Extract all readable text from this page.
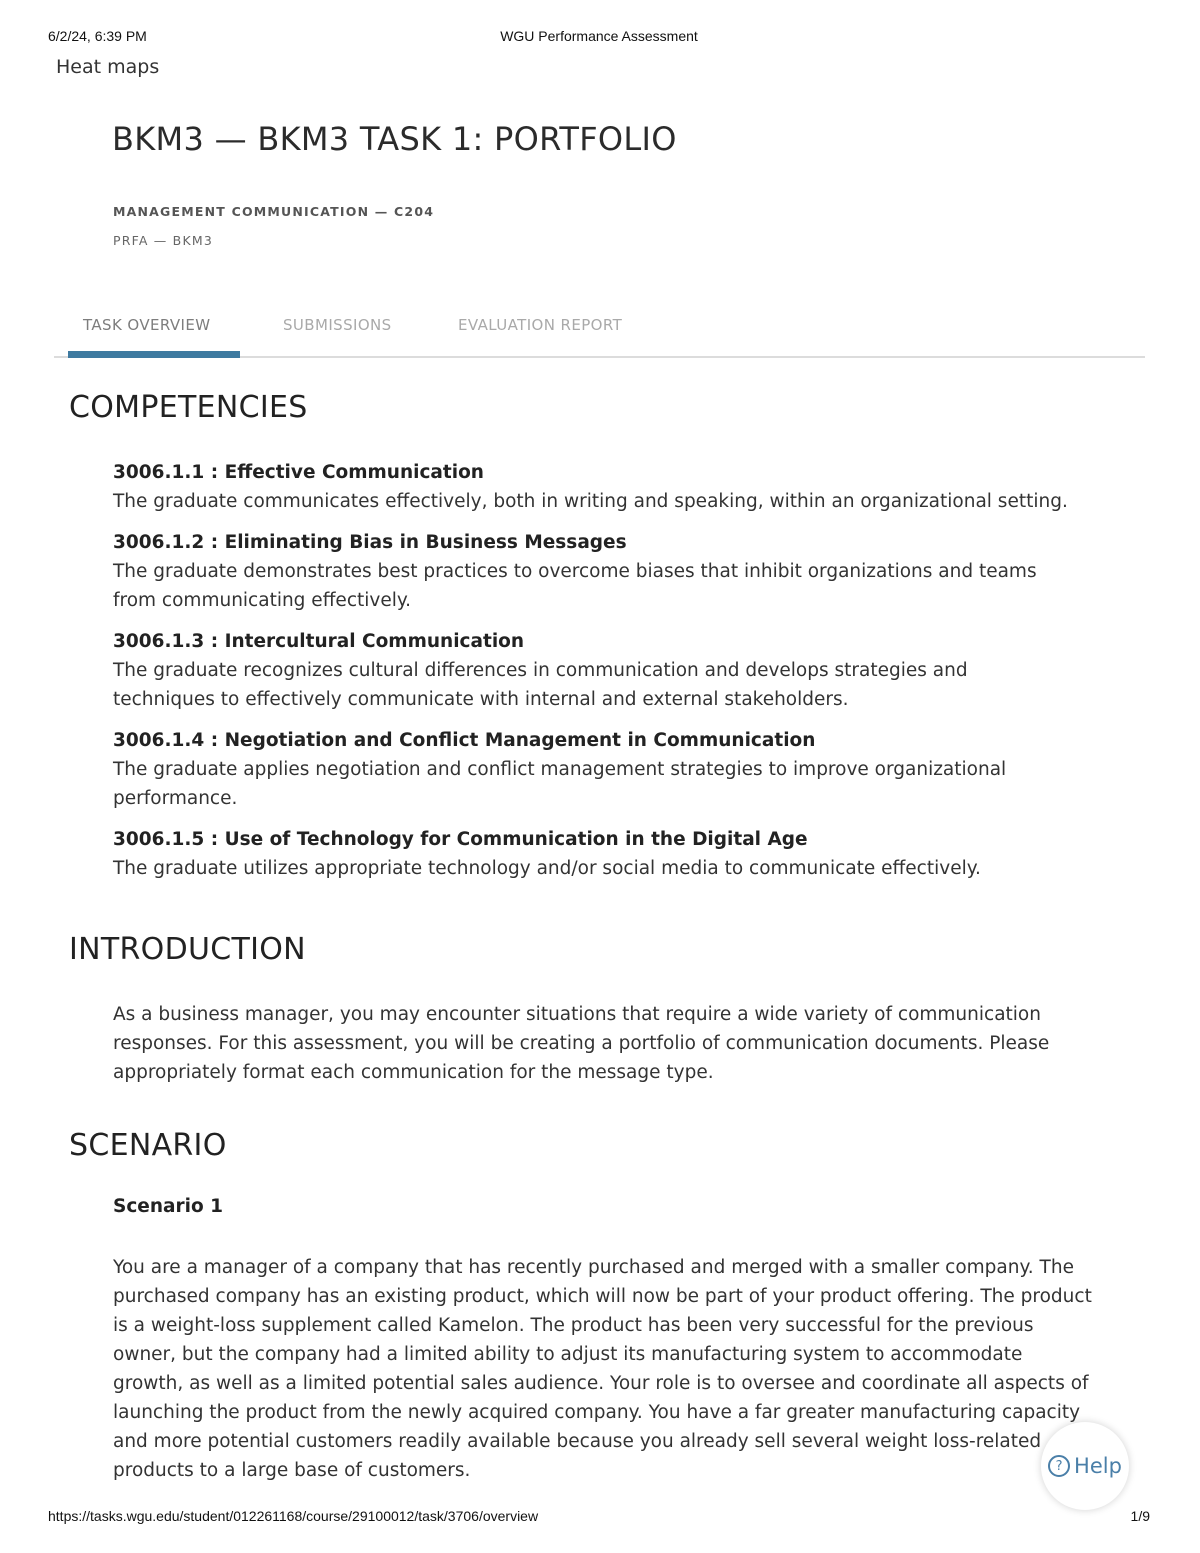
6/2/24, 6:39 PM	WGU Performance Assessment
Heat maps
BKM3 — BKM3 TASK 1: PORTFOLIO
MANAGEMENT COMMUNICATION — C204
PRFA — BKM3
TASK OVERVIEW	SUBMISSIONS	EVALUATION REPORT
COMPETENCIES
3006.1.1 : Effective Communication
The graduate communicates effectively, both in writing and speaking, within an organizational setting.
3006.1.2 : Eliminating Bias in Business Messages
The graduate demonstrates best practices to overcome biases that inhibit organizations and teams from communicating effectively.
3006.1.3 : Intercultural Communication
The graduate recognizes cultural differences in communication and develops strategies and techniques to effectively communicate with internal and external stakeholders.
3006.1.4 : Negotiation and Conflict Management in Communication
The graduate applies negotiation and conflict management strategies to improve organizational performance.
3006.1.5 : Use of Technology for Communication in the Digital Age
The graduate utilizes appropriate technology and/or social media to communicate effectively.
INTRODUCTION
As a business manager, you may encounter situations that require a wide variety of communication responses. For this assessment, you will be creating a portfolio of communication documents. Please appropriately format each communication for the message type.
SCENARIO
Scenario 1
You are a manager of a company that has recently purchased and merged with a smaller company. The purchased company has an existing product, which will now be part of your product offering. The product is a weight-loss supplement called Kamelon. The product has been very successful for the previous owner, but the company had a limited ability to adjust its manufacturing system to accommodate growth, as well as a limited potential sales audience. Your role is to oversee and coordinate all aspects of launching the product from the newly acquired company. You have a far greater manufacturing capacity and more potential customers readily available because you already sell several weight loss-related products to a large base of customers.	? Help
https://tasks.wgu.edu/student/012261168/course/29100012/task/3706/overview	1/9
